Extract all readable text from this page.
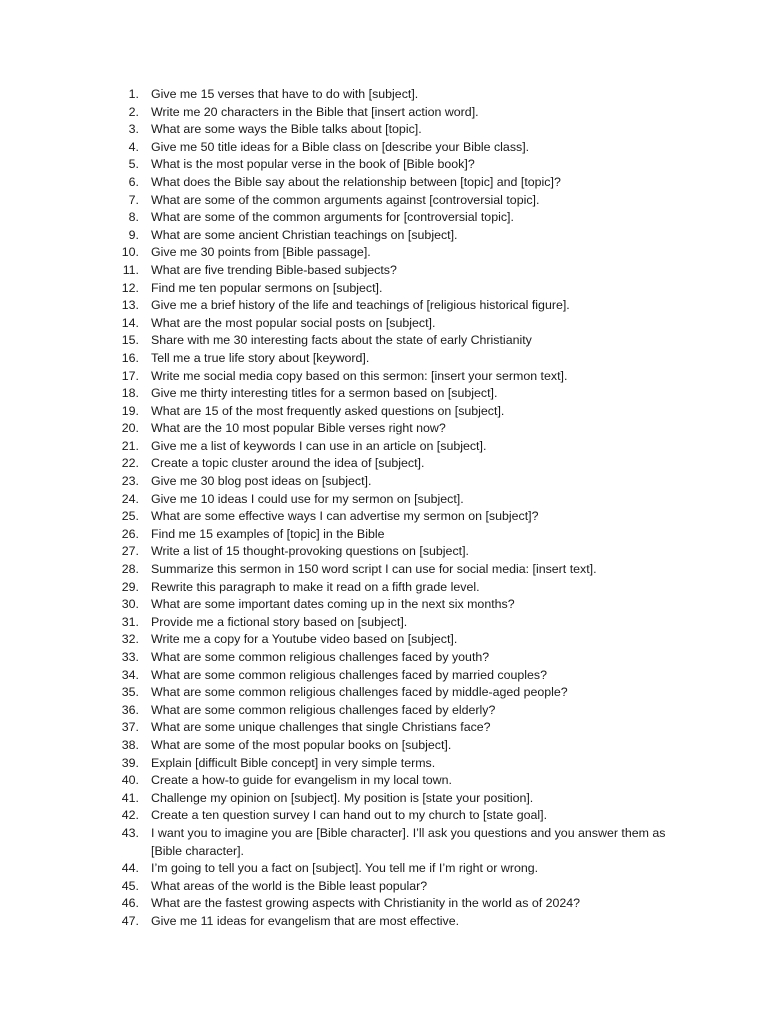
1. Give me 15 verses that have to do with [subject].
2. Write me 20 characters in the Bible that [insert action word].
3. What are some ways the Bible talks about [topic].
4. Give me 50 title ideas for a Bible class on [describe your Bible class].
5. What is the most popular verse in the book of [Bible book]?
6. What does the Bible say about the relationship between [topic] and [topic]?
7. What are some of the common arguments against [controversial topic].
8. What are some of the common arguments for [controversial topic].
9. What are some ancient Christian teachings on [subject].
10. Give me 30 points from [Bible passage].
11. What are five trending Bible-based subjects?
12. Find me ten popular sermons on [subject].
13. Give me a brief history of the life and teachings of [religious historical figure].
14. What are the most popular social posts on [subject].
15. Share with me 30 interesting facts about the state of early Christianity
16. Tell me a true life story about [keyword].
17. Write me social media copy based on this sermon: [insert your sermon text].
18. Give me thirty interesting titles for a sermon based on [subject].
19. What are 15 of the most frequently asked questions on [subject].
20. What are the 10 most popular Bible verses right now?
21. Give me a list of keywords I can use in an article on [subject].
22. Create a topic cluster around the idea of [subject].
23. Give me 30 blog post ideas on [subject].
24. Give me 10 ideas I could use for my sermon on [subject].
25. What are some effective ways I can advertise my sermon on [subject]?
26. Find me 15 examples of [topic] in the Bible
27. Write a list of 15 thought-provoking questions on [subject].
28. Summarize this sermon in 150 word script I can use for social media: [insert text].
29. Rewrite this paragraph to make it read on a fifth grade level.
30. What are some important dates coming up in the next six months?
31. Provide me a fictional story based on [subject].
32. Write me a copy for a Youtube video based on [subject].
33. What are some common religious challenges faced by youth?
34. What are some common religious challenges faced by married couples?
35. What are some common religious challenges faced by middle-aged people?
36. What are some common religious challenges faced by elderly?
37. What are some unique challenges that single Christians face?
38. What are some of the most popular books on [subject].
39. Explain [difficult Bible concept] in very simple terms.
40. Create a how-to guide for evangelism in my local town.
41. Challenge my opinion on [subject]. My position is [state your position].
42. Create a ten question survey I can hand out to my church to [state goal].
43. I want you to imagine you are [Bible character]. I’ll ask you questions and you answer them as [Bible character].
44. I’m going to tell you a fact on [subject]. You tell me if I’m right or wrong.
45. What areas of the world is the Bible least popular?
46. What are the fastest growing aspects with Christianity in the world as of 2024?
47. Give me 11 ideas for evangelism that are most effective.
